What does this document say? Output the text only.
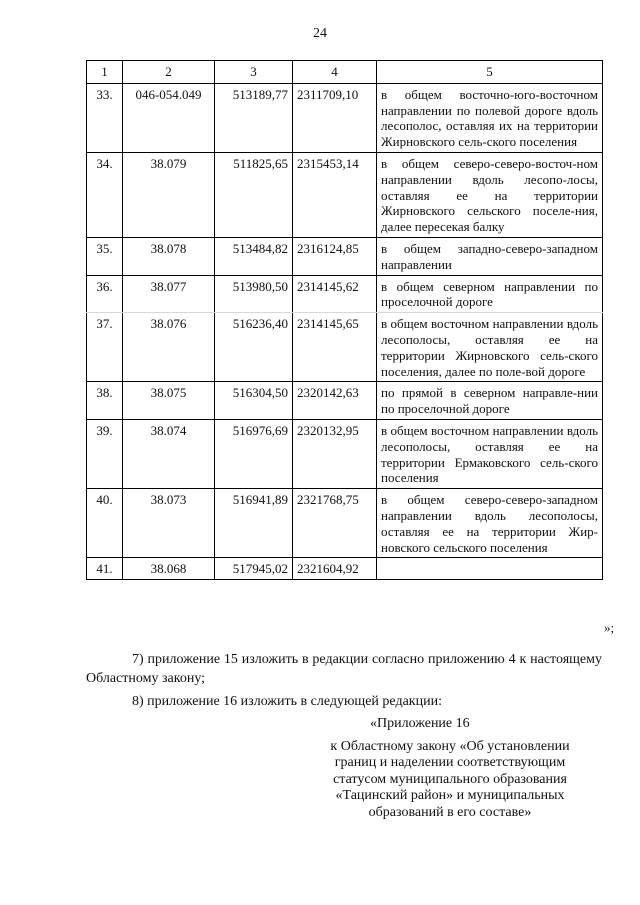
24
1	2	3	4	5
33.	046-054.049	513189,77	2311709,10	в общем восточно-юго-восточном направлении по полевой дороге вдоль лесополос, оставляя их на территории Жирновского сель-ского поселения
34.	38.079	511825,65	2315453,14	в общем северо-северо-восточ-ном направлении вдоль лесопо-лосы, оставляя ее на территории Жирновского сельского поселе-ния, далее пересекая балку
35.	38.078	513484,82	2316124,85	в общем западно-северо-западном направлении
36.	38.077	513980,50	2314145,62	в общем северном направлении по проселочной дороге
37.	38.076	516236,40	2314145,65	в общем восточном направлении вдоль лесополосы, оставляя ее на территории Жирновского сель-ского поселения, далее по поле-вой дороге
38.	38.075	516304,50	2320142,63	по прямой в северном направле-нии по проселочной дороге
39.	38.074	516976,69	2320132,95	в общем восточном направлении вдоль лесополосы, оставляя ее на территории Ермаковского сель-ского поселения
40.	38.073	516941,89	2321768,75	в общем северо-северо-западном направлении вдоль лесополосы, оставляя ее на территории Жир-новского сельского поселения
41.	38.068	517945,02	2321604,92	
»;
7) приложение 15 изложить в редакции согласно приложению 4 к настоящему Областному закону;
8) приложение 16 изложить в следующей редакции:
«Приложение 16
к Областному закону «Об установлении
границ и наделении соответствующим
статусом муниципального образования
«Тацинский район» и муниципальных
образований в его составе»
